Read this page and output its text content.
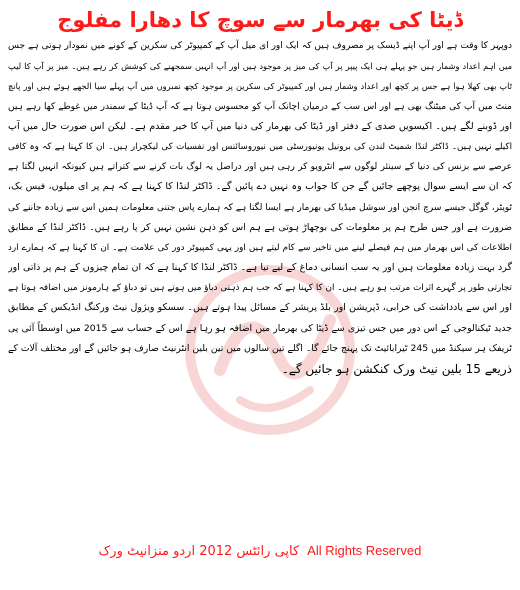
ڈیٹا کی بھرمار سے سوچ کا دھارا مفلوج
دوپہر کا وقت ہے اور آپ اپنے ڈیسک پر مصروف ہیں کہ ایک اور ای میل آپ کے کمپیوٹر کی سکرین کے کونے میں نمودار ہوتی ہے جس
میں اہم اعداد وشمار ہیں جو پہلے ہی ایک پیپر پر آپ کی میز پر موجود ہیں اور آپ انہیں سمجھنے کی کوشش کر رہے ہیں۔ میز پر آپ کا لیپ
ٹاپ بھی کھلا ہوا ہے جس پر کچھ اور اعداد وشمار ہیں اور کمپیوٹر کی سکرین پر موجود کچھ نمبروں میں آپ پہلے سیا الجھے ہوئے ہیں اور پانچ
منٹ میں آپ کی میٹنگ بھی ہے اور اس سب کے درمیان اچانک آپ کو محسوس ہوتا ہے کہ آپ ڈیٹا کے سمندر میں غوطے کھا رہے ہیں
اور ڈوبنے لگے ہیں۔ اکیسویں صدی کے دفتر اور ڈیٹا کی بھرمار کی دنیا میں آپ کا خیر مقدم ہے۔ لیکن اس صورت حال میں آپ
اکیلے نہیں ہیں۔ ڈاکٹر لنڈا شمیٹ لندن کی برونیل یونیورسٹی میں نیوروسائنس اور نفسیات کی لیکچرار ہیں۔ ان کا کہنا ہے کہ وہ کافی
عرصے سے بزنس کی دنیا کے سینئر لوگوں سے انٹرویو کر رہی ہیں اور دراصل یہ لوگ بات کرنے سے کتراتے ہیں کیونکہ انہیں لگتا ہے
کہ ان سے ایسے سوال پوچھے جائیں گے جن کا جواب وہ نہیں دے پائیں گے۔ ڈاکٹر لنڈا کا کہنا ہے کہ ہم پر ای میلوں، فیس بک،
ٹویٹر، گوگل جیسے سرچ انجن اور سوشل میڈیا کی بھرمار ہے ایسا لگتا ہے کہ ہمارے پاس جتنی معلومات ہمیں اس سے زیادہ جاننے کی
ضرورت ہے اور جس طرح ہم پر معلومات کی بوچھاڑ ہوتی ہے ہم اس کو ذہن نشین نہیں کر پا رہے ہیں۔ ڈاکٹر لنڈا کے مطابق
اطلاعات کی اس بھرمار میں ہم فیصلے لینے میں تاخیر سے کام لیتے ہیں اور یہی کمپیوٹر دور کی علامت ہے۔ ان کا کہنا ہے کہ ہمارے ارد
گرد بہت زیادہ معلومات ہیں اور یہ سب انسانی دماغ کے لیے نیا ہے۔ ڈاکٹر لنڈا کا کہنا ہے کہ ان تمام چیزوں کے ہم پر ذاتی اور
تجارتی طور پر گہرے اثرات مرتب ہو رہے ہیں۔ ان کا کہنا ہے کہ جب ہم ذہنی دباؤ میں ہوتے ہیں تو دباؤ کے ہارمونز میں اضافہ ہوتا ہے
اور اس سے یادداشت کی خرابی، ڈپریشن اور بلڈ پریشر کے مسائل پیدا ہوتے ہیں۔ سسکو ویژول نیٹ ورکنگ انڈیکس کے مطابق
جدید ٹیکنالوجی کے اس دور میں جس تیزی سے ڈیٹا کی بھرمار میں اضافہ ہو رہا ہے اس کے حساب سے 2015 میں اوسطاً آئی پی
ٹریفک ہر سیکنڈ میں 245 ٹیرابائیٹ تک پہنچ جائے گا۔ اگلے تین سالوں میں تین بلین انٹرنیٹ صارف ہو جائیں گے اور مختلف آلات کے
ذریعے 15 بلین نیٹ ورک کنکشن ہو جائیں گے۔
کاپی رائٹس 2012 اردو منزانیٹ ورک All Rights Reserved
